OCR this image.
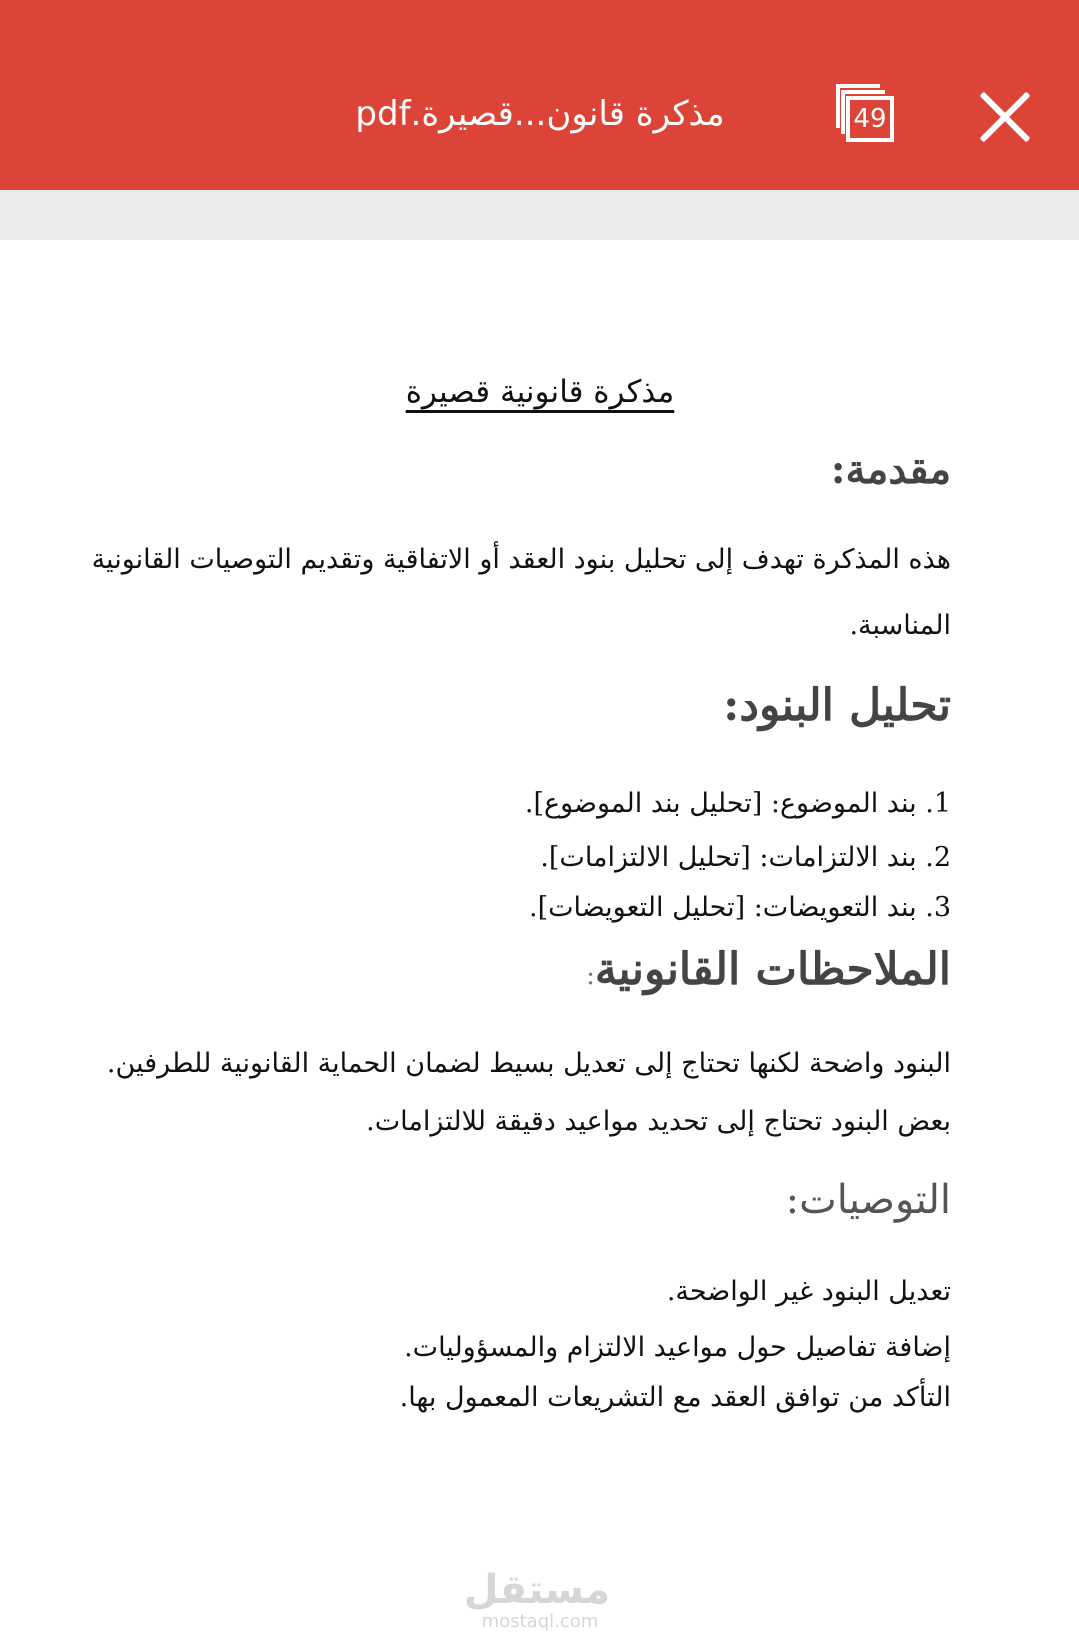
مذكرة قانون...قصيرة.pdf	49
مذكرة قانونية قصيرة
مقدمة:
هذه المذكرة تهدف إلى تحليل بنود العقد أو الاتفاقية وتقديم التوصيات القانونية
المناسبة.
تحليل البنود:
1. بند الموضوع: [تحليل بند الموضوع].
2. بند الالتزامات: [تحليل الالتزامات].
3. بند التعويضات: [تحليل التعويضات].
الملاحظات القانونية:
البنود واضحة لكنها تحتاج إلى تعديل بسيط لضمان الحماية القانونية للطرفين.
بعض البنود تحتاج إلى تحديد مواعيد دقيقة للالتزامات.
التوصيات:
تعديل البنود غير الواضحة.
إضافة تفاصيل حول مواعيد الالتزام والمسؤوليات.
التأكد من توافق العقد مع التشريعات المعمول بها.
مستقل
mostaql.com
